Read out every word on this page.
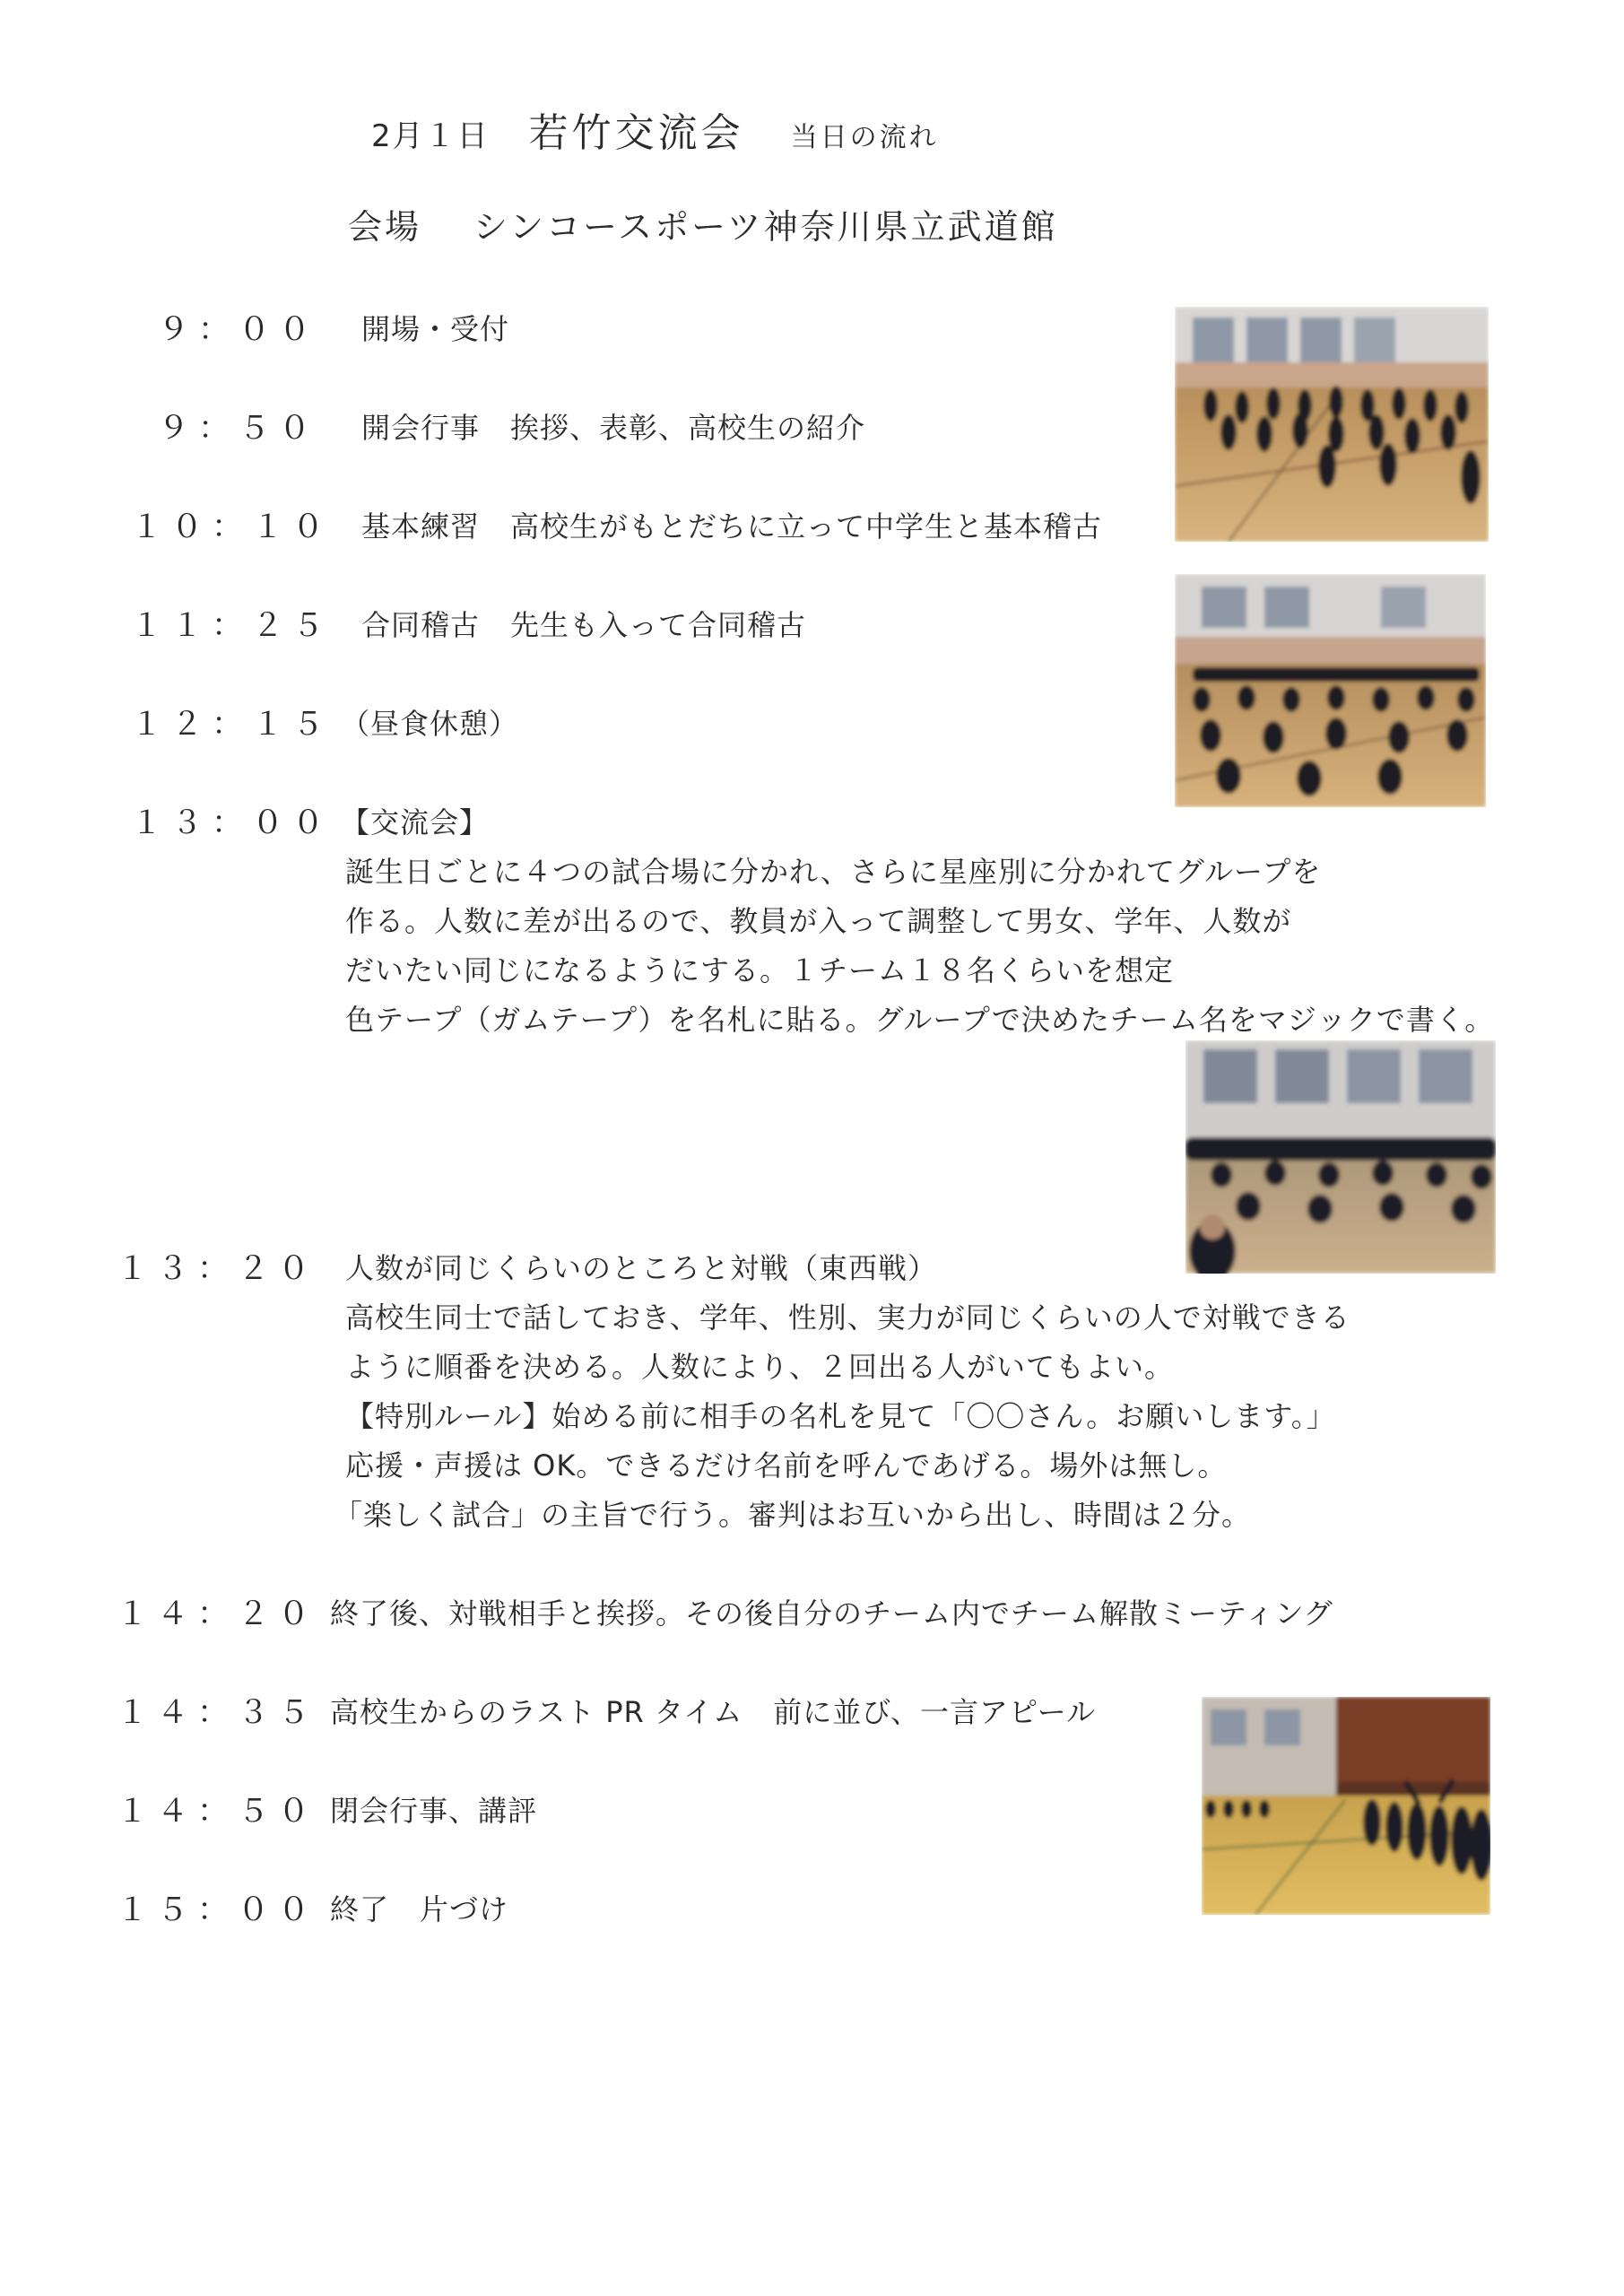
2月１日 若竹交流会 当日の流れ
会場 シンコースポーツ神奈川県立武道館
９：００ 開場・受付
９：５０ 開会行事 挨拶、表彰、高校生の紹介
１０：１０ 基本練習 高校生がもとだちに立って中学生と基本稽古
１１：２５ 合同稽古 先生も入って合同稽古
１２：１５ （昼食休憩）
１３：００ 【交流会】
誕生日ごとに４つの試合場に分かれ、さらに星座別に分かれてグループを
作る。人数に差が出るので、教員が入って調整して男女、学年、人数が
だいたい同じになるようにする。１チーム１８名くらいを想定
色テープ（ガムテープ）を名札に貼る。グループで決めたチーム名をマジックで書く。
１３：２０ 人数が同じくらいのところと対戦（東西戦）
高校生同士で話しておき、学年、性別、実力が同じくらいの人で対戦できる
ように順番を決める。人数により、２回出る人がいてもよい。
【特別ルール】始める前に相手の名札を見て「〇〇さん。お願いします。」
応援・声援は OK。できるだけ名前を呼んであげる。場外は無し。
「楽しく試合」の主旨で行う。審判はお互いから出し、時間は２分。
１４：２０ 終了後、対戦相手と挨拶。その後自分のチーム内でチーム解散ミーティング
１４：３５ 高校生からのラスト PR タイム 前に並び、一言アピール
１４：５０ 閉会行事、講評
１５：００ 終了 片づけ
